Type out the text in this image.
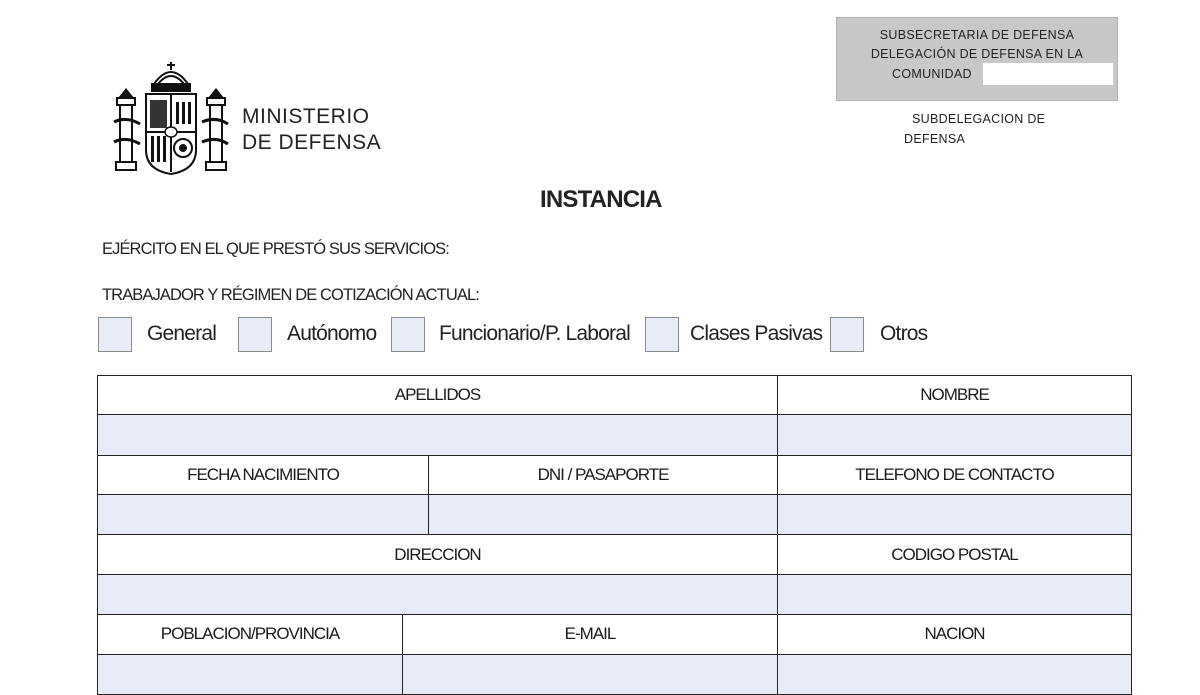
MINISTERIO
DE DEFENSA
SUBSECRETARIA DE DEFENSA
DELEGACIÓN DE DEFENSA EN LA
COMUNIDAD
SUBDELEGACION DE
DEFENSA
INSTANCIA
EJÉRCITO EN EL QUE PRESTÓ SUS SERVICIOS:
TRABAJADOR Y RÉGIMEN DE COTIZACIÓN ACTUAL:
General	Autónomo	Funcionario/P. Laboral	Clases Pasivas	Otros
APELLIDOS			NOMBRE

FECHA NACIMIENTO		DNI / PASAPORTE	TELEFONO DE CONTACTO

DIRECCION			CODIGO POSTAL

POBLACION/PROVINCIA	E-MAIL		NACION
